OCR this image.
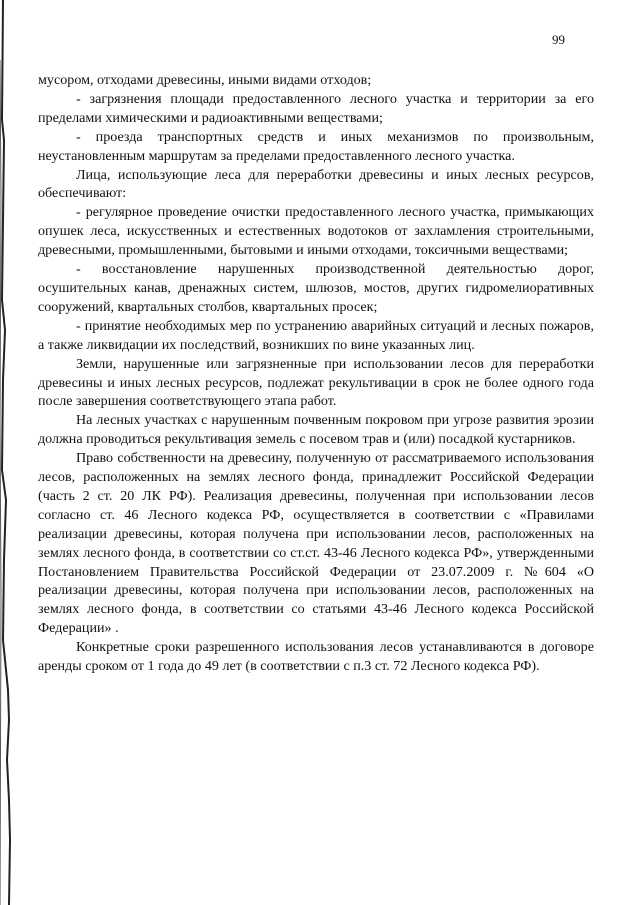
99

мусором, отходами древесины, иными видами отходов;

- загрязнения площади предоставленного лесного участка и территории за его пределами химическими и радиоактивными веществами;

- проезда транспортных средств и иных механизмов по произвольным, неустановленным маршрутам за пределами предоставленного лесного участка.

Лица, использующие леса для переработки древесины и иных лесных ресурсов, обеспечивают:

- регулярное проведение очистки предоставленного лесного участка, примыкающих опушек леса, искусственных и естественных водотоков от захламления строительными, древесными, промышленными, бытовыми и иными отходами, токсичными веществами;

- восстановление нарушенных производственной деятельностью дорог, осушительных канав, дренажных систем, шлюзов, мостов, других гидромелиоративных сооружений, квартальных столбов, квартальных просек;

- принятие необходимых мер по устранению аварийных ситуаций и лесных пожаров, а также ликвидации их последствий, возникших по вине указанных лиц.

Земли, нарушенные или загрязненные при использовании лесов для переработки древесины и иных лесных ресурсов, подлежат рекультивации в срок не более одного года после завершения соответствующего этапа работ.

На лесных участках с нарушенным почвенным покровом при угрозе развития эрозии должна проводиться рекультивация земель с посевом трав и (или) посадкой кустарников.

Право собственности на древесину, полученную от рассматриваемого использования лесов, расположенных на землях лесного фонда, принадлежит Российской Федерации (часть 2 ст. 20 ЛК РФ). Реализация древесины, полученная при использовании лесов согласно ст. 46 Лесного кодекса РФ, осуществляется в соответствии с «Правилами реализации древесины, которая получена при использовании лесов, расположенных на землях лесного фонда, в соответствии со ст.ст. 43-46 Лесного кодекса РФ», утвержденными Постановлением Правительства Российской Федерации от 23.07.2009 г. №604 «О реализации древесины, которая получена при использовании лесов, расположенных на землях лесного фонда, в соответствии со статьями 43-46 Лесного кодекса Российской Федерации» .

Конкретные сроки разрешенного использования лесов устанавливаются в договоре аренды сроком от 1 года до 49 лет (в соответствии с п.3 ст. 72 Лесного кодекса РФ).
